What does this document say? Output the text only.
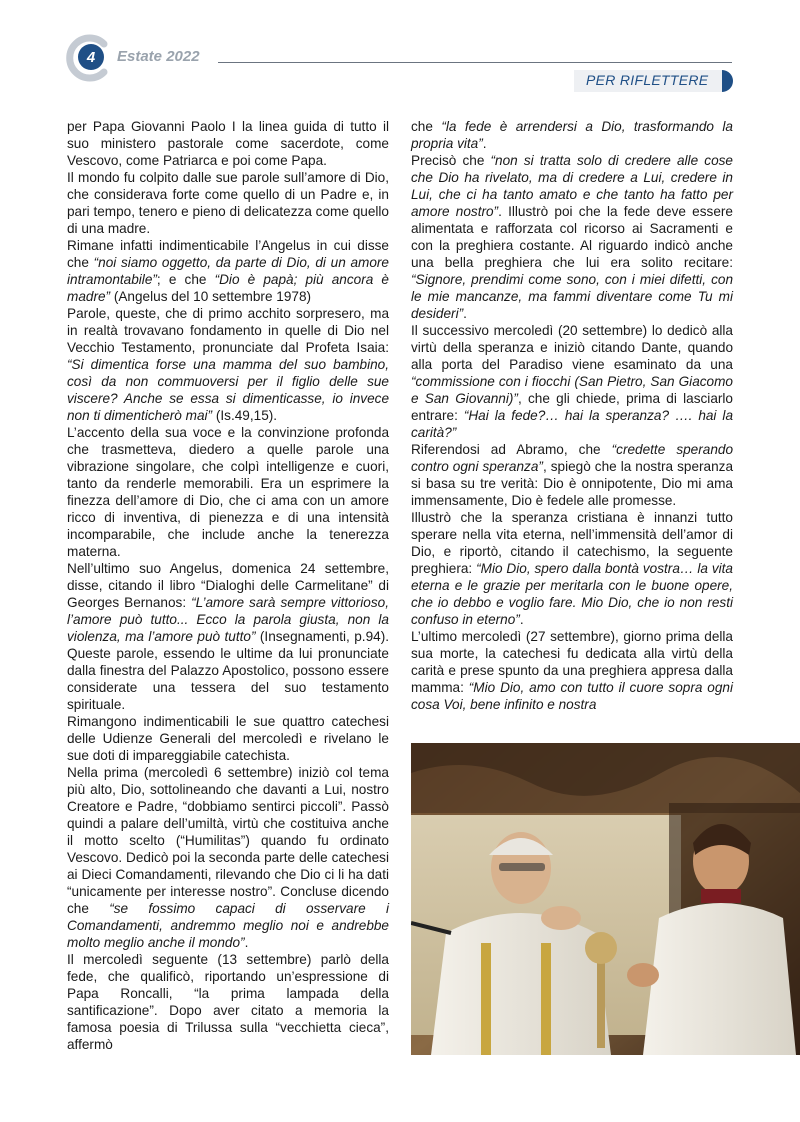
4	Estate 2022
PER RIFLETTERE

per Papa Giovanni Paolo I la linea guida di tutto il suo ministero pastorale come sacerdote, come Vescovo, come Patriarca e poi come Papa.

Il mondo fu colpito dalle sue parole sull’amore di Dio, che considerava forte come quello di un Padre e, in pari tempo, tenero e pieno di delicatezza come quello di una madre.

Rimane infatti indimenticabile l’Angelus in cui disse che “noi siamo oggetto, da parte di Dio, di un amore intramontabile”; e che “Dio è papà; più ancora è madre” (Angelus del 10 settembre 1978)

Parole, queste, che di primo acchito sorpresero, ma in realtà trovavano fondamento in quelle di Dio nel Vecchio Testamento, pronunciate dal Profeta Isaia: “Si dimentica forse una mamma del suo bambino, così da non commuoversi per il figlio delle sue viscere? Anche se essa si dimenticasse, io invece non ti dimenticherò mai” (Is.49,15).

L’accento della sua voce e la convinzione profonda che trasmetteva, diedero a quelle parole una vibrazione singolare, che colpì intelligenze e cuori, tanto da renderle memorabili. Era un esprimere la finezza dell’amore di Dio, che ci ama con un amore ricco di inventiva, di pienezza e di una intensità incomparabile, che include anche la tenerezza materna.

Nell’ultimo suo Angelus, domenica 24 settembre, disse, citando il libro “Dialoghi delle Carmelitane” di Georges Bernanos: “L’amore sarà sempre vittorioso, l’amore può tutto... Ecco la parola giusta, non la violenza, ma l’amore può tutto” (Insegnamenti, p.94). Queste parole, essendo le ultime da lui pronunciate dalla finestra del Palazzo Apostolico, possono essere considerate una tessera del suo testamento spirituale.

Rimangono indimenticabili le sue quattro catechesi delle Udienze Generali del mercoledì e rivelano le sue doti di impareggiabile catechista.

Nella prima (mercoledì 6 settembre) iniziò col tema più alto, Dio, sottolineando che davanti a Lui, nostro Creatore e Padre, “dobbiamo sentirci piccoli”. Passò quindi a palare dell’umiltà, virtù che costituiva anche il motto scelto (“Humilitas”) quando fu ordinato Vescovo. Dedicò poi la seconda parte delle catechesi ai Dieci Comandamenti, rilevando che Dio ci li ha dati “unicamente per interesse nostro”. Concluse dicendo che “se fossimo capaci di osservare i Comandamenti, andremmo meglio noi e andrebbe molto meglio anche il mondo”.

Il mercoledì seguente (13 settembre) parlò della fede, che qualificò, riportando un’espressione di Papa Roncalli, “la prima lampada della santificazione”. Dopo aver citato a memoria la famosa poesia di Trilussa sulla “vecchietta cieca”, affermò

che “la fede è arrendersi a Dio, trasformando la propria vita”.

Precisò che “non si tratta solo di credere alle cose che Dio ha rivelato, ma di credere a Lui, credere in Lui, che ci ha tanto amato e che tanto ha fatto per amore nostro”. Illustrò poi che la fede deve essere alimentata e rafforzata col ricorso ai Sacramenti e con la preghiera costante. Al riguardo indicò anche una bella preghiera che lui era solito recitare: “Signore, prendimi come sono, con i miei difetti, con le mie mancanze, ma fammi diventare come Tu mi desideri”.

Il successivo mercoledì (20 settembre) lo dedicò alla virtù della speranza e iniziò citando Dante, quando alla porta del Paradiso viene esaminato da una “commissione con i fiocchi (San Pietro, San Giacomo e San Giovanni)”, che gli chiede, prima di lasciarlo entrare: “Hai la fede?… hai la speranza? …. hai la carità?”

Riferendosi ad Abramo, che “credette sperando contro ogni speranza”, spiegò che la nostra speranza si basa su tre verità: Dio è onnipotente, Dio mi ama immensamente, Dio è fedele alle promesse.

Illustrò che la speranza cristiana è innanzi tutto sperare nella vita eterna, nell’immensità dell’amor di Dio, e riportò, citando il catechismo, la seguente preghiera: “Mio Dio, spero dalla bontà vostra… la vita eterna e le grazie per meritarla con le buone opere, che io debbo e voglio fare. Mio Dio, che io non resti confuso in eterno”.

L’ultimo mercoledì (27 settembre), giorno prima della sua morte, la catechesi fu dedicata alla virtù della carità e prese spunto da una preghiera appresa dalla mamma: “Mio Dio, amo con tutto il cuore sopra ogni cosa Voi, bene infinito e nostra
